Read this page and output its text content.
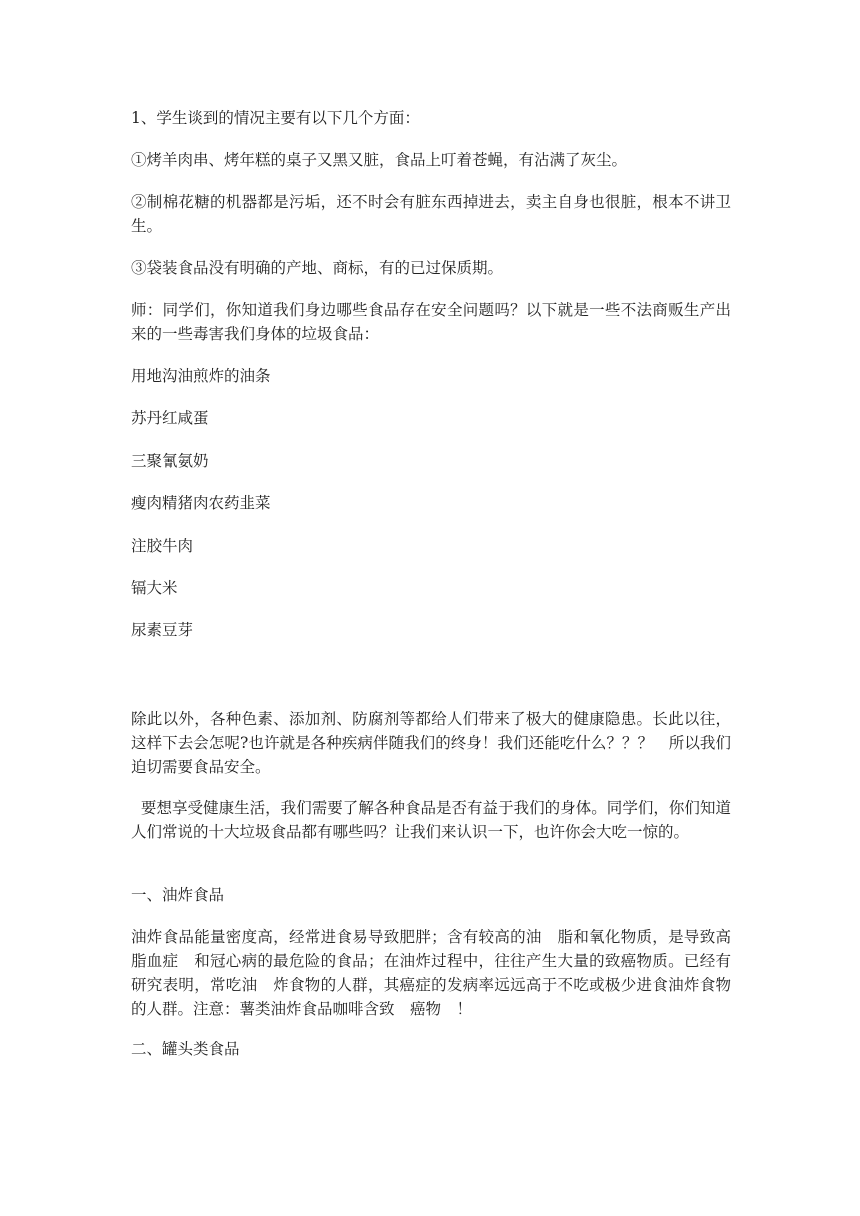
1、学生谈到的情况主要有以下几个方面：

①烤羊肉串、烤年糕的桌子又黑又脏，食品上叮着苍蝇，有沾满了灰尘。

②制棉花糖的机器都是污垢，还不时会有脏东西掉进去，卖主自身也很脏，根本不讲卫生。

③袋装食品没有明确的产地、商标，有的已过保质期。

师：同学们，你知道我们身边哪些食品存在安全问题吗？以下就是一些不法商贩生产出来的一些毒害我们身体的垃圾食品：

用地沟油煎炸的油条

苏丹红咸蛋

三聚氰氨奶

瘦肉精猪肉农药韭菜

注胶牛肉

镉大米

尿素豆芽

除此以外，各种色素、添加剂、防腐剂等都给人们带来了极大的健康隐患。长此以往，这样下去会怎呢?也许就是各种疾病伴随我们的终身！我们还能吃什么？？？　所以我们迫切需要食品安全。

要想享受健康生活，我们需要了解各种食品是否有益于我们的身体。同学们，你们知道人们常说的十大垃圾食品都有哪些吗？让我们来认识一下，也许你会大吃一惊的。

一、油炸食品

油炸食品能量密度高，经常进食易导致肥胖；含有较高的油　脂和氧化物质，是导致高脂血症　和冠心病的最危险的食品；在油炸过程中，往往产生大量的致癌物质。已经有研究表明，常吃油　炸食物的人群，其癌症的发病率远远高于不吃或极少进食油炸食物的人群。注意：薯类油炸食品咖啡含致　癌物　！

二、罐头类食品
